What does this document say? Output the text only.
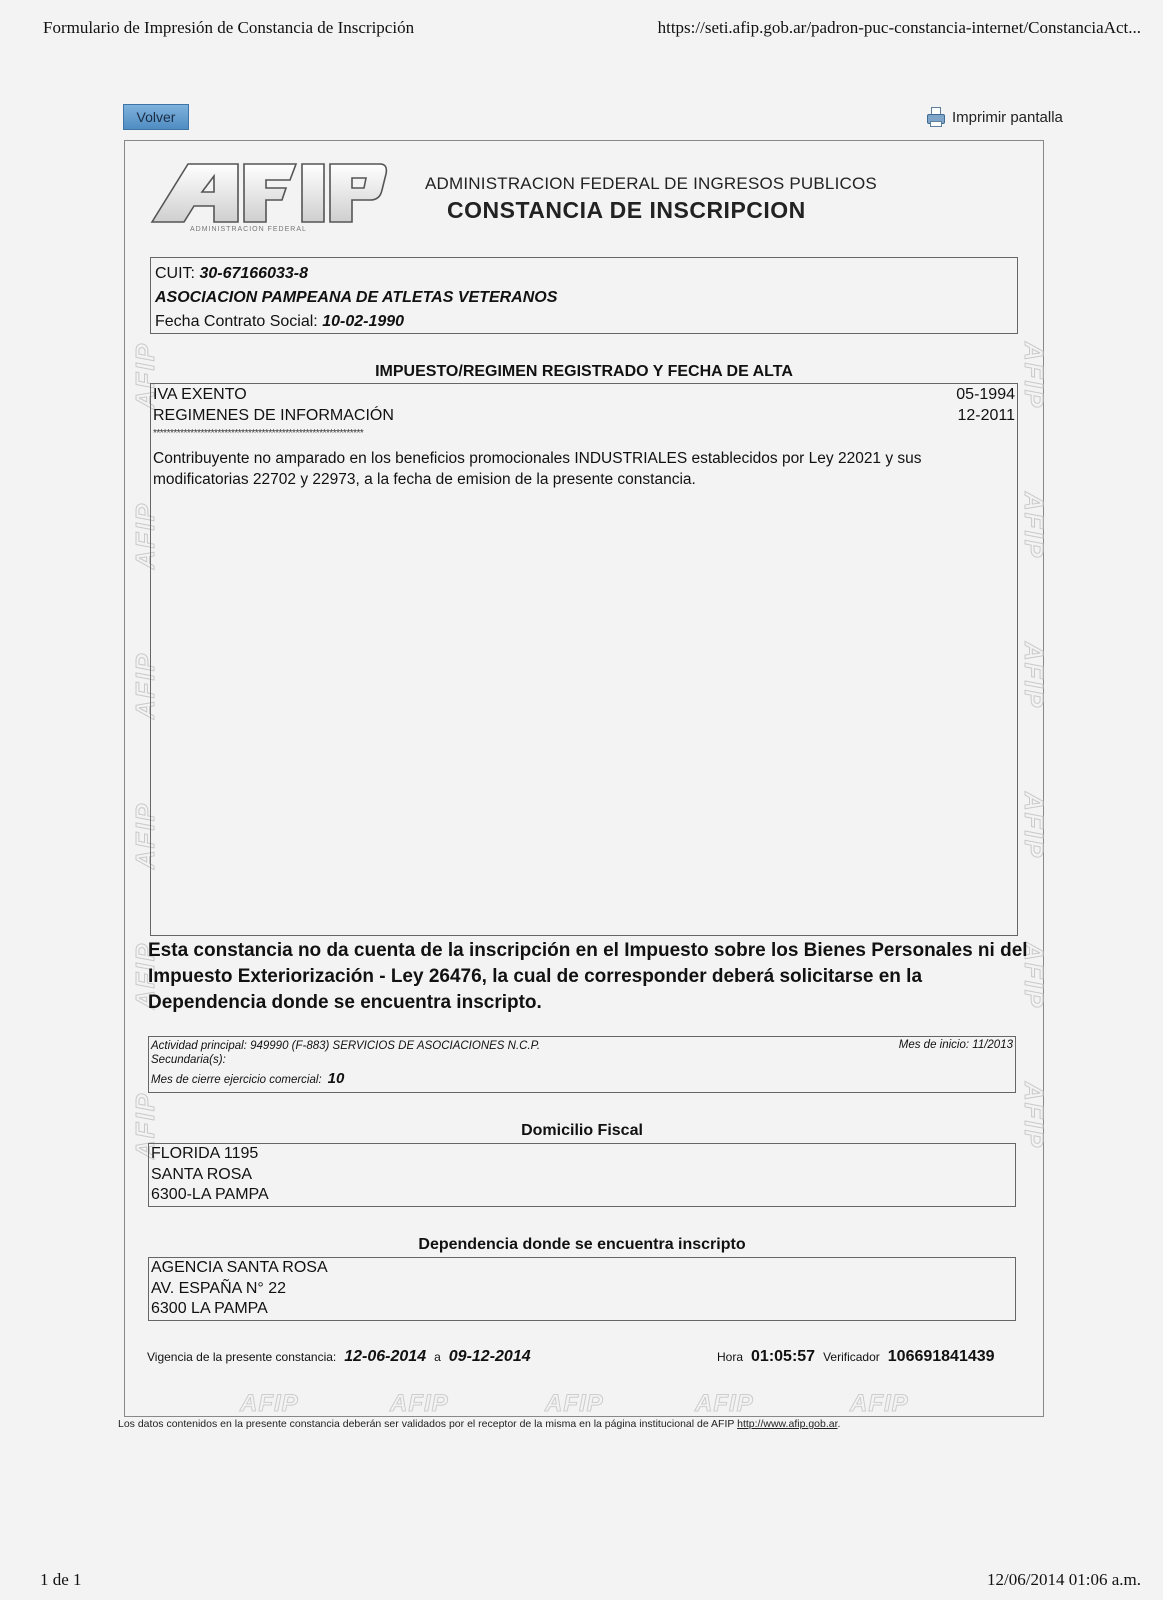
Formulario de Impresión de Constancia de Inscripción	https://seti.afip.gob.ar/padron-puc-constancia-internet/ConstanciaAct...
Volver	Imprimir pantalla
AFIP
AFIP
AFIP
AFIP
AFIP
AFIP
AFIP
AFIP
AFIP
AFIP
AFIP
AFIP
AFIP	AFIP	AFIP	AFIP	AFIP
ADMINISTRACION FEDERAL
ADMINISTRACION FEDERAL DE INGRESOS PUBLICOS
CONSTANCIA DE INSCRIPCION
CUIT: 30-67166033-8
ASOCIACION PAMPEANA DE ATLETAS VETERANOS
Fecha Contrato Social: 10-02-1990
IMPUESTO/REGIMEN REGISTRADO Y FECHA DE ALTA
IVA EXENTO	05-1994
REGIMENES DE INFORMACIÓN	12-2011
**************************************************************
Contribuyente no amparado en los beneficios promocionales INDUSTRIALES establecidos por Ley 22021 y sus modificatorias 22702 y 22973, a la fecha de emision de la presente constancia.
Esta constancia no da cuenta de la inscripción en el Impuesto sobre los Bienes Personales ni del Impuesto Exteriorización - Ley 26476, la cual de corresponder deberá solicitarse en la Dependencia donde se encuentra inscripto.
Actividad principal: 949990 (F-883) SERVICIOS DE ASOCIACIONES N.C.P.	Mes de inicio: 11/2013
Secundaria(s):
Mes de cierre ejercicio comercial: 10
Domicilio Fiscal
FLORIDA 1195
SANTA ROSA
6300-LA PAMPA
Dependencia donde se encuentra inscripto
AGENCIA SANTA ROSA
AV. ESPAÑA N° 22
6300 LA PAMPA
Vigencia de la presente constancia: 12-06-2014 a 09-12-2014	Hora 01:05:57 Verificador 106691841439
Los datos contenidos en la presente constancia deberán ser validados por el receptor de la misma en la página institucional de AFIP http://www.afip.gob.ar.
1 de 1	12/06/2014 01:06 a.m.
